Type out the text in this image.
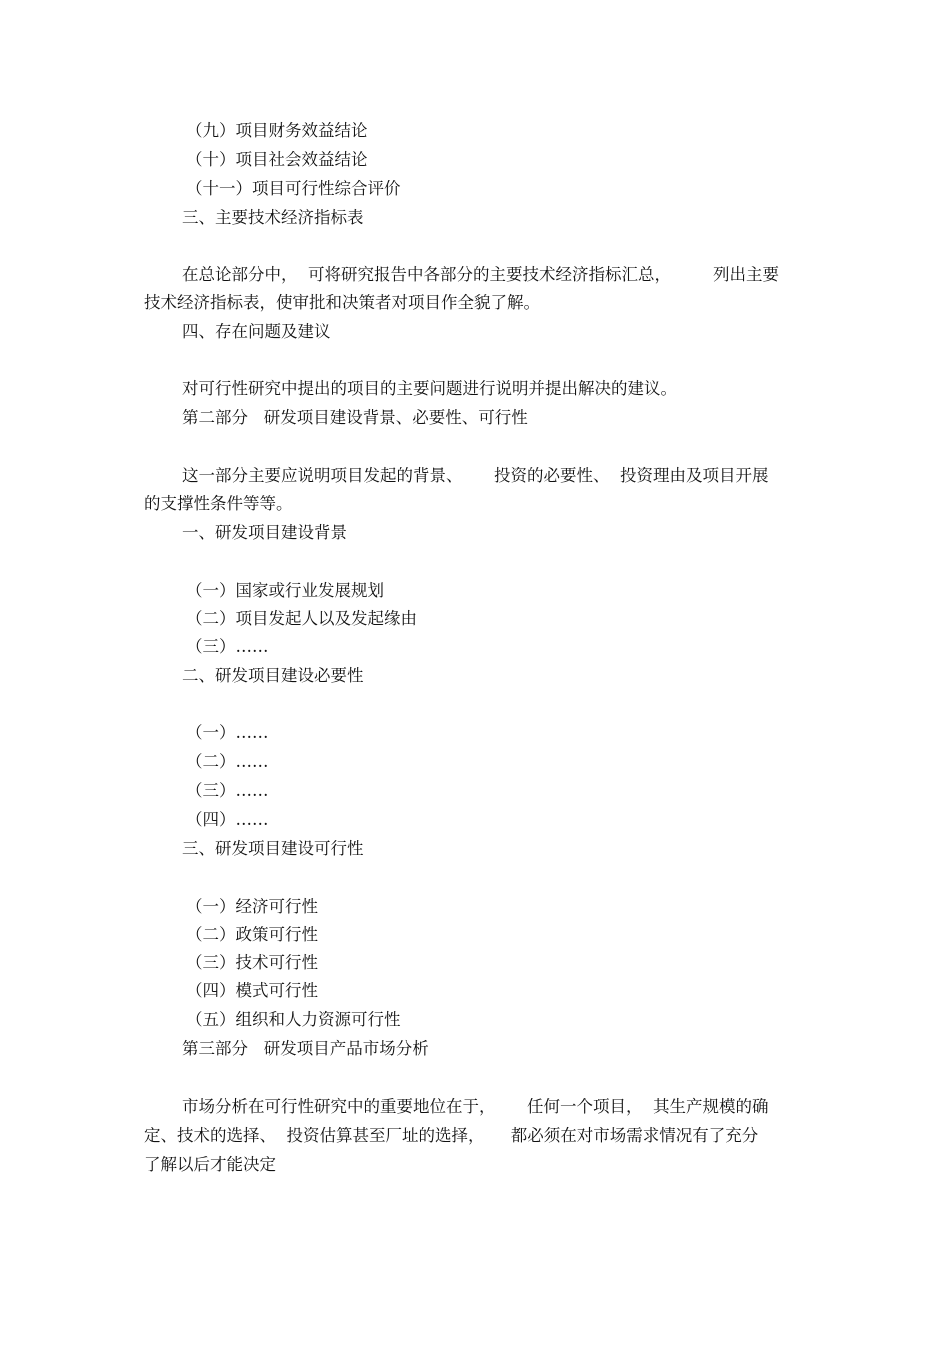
（九）项目财务效益结论

（十）项目社会效益结论

（十一）项目可行性综合评价

三、主要技术经济指标表

在总论部分中，  可将研究报告中各部分的主要技术经济指标汇总，        列出主要

技术经济指标表，使审批和决策者对项目作全貌了解。

四、存在问题及建议

对可行性研究中提出的项目的主要问题进行说明并提出解决的建议。

第二部分   研发项目建设背景、必要性、可行性

这一部分主要应说明项目发起的背景、      投资的必要性、  投资理由及项目开展

的支撑性条件等等。

一、研发项目建设背景

（一）国家或行业发展规划

（二）项目发起人以及发起缘由

（三）……

二、研发项目建设必要性

（一）……

（二）……

（三）……

（四）……

三、研发项目建设可行性

（一）经济可行性

（二）政策可行性

（三）技术可行性

（四）模式可行性

（五）组织和人力资源可行性

第三部分   研发项目产品市场分析

市场分析在可行性研究中的重要地位在于，      任何一个项目，  其生产规模的确

定、技术的选择、  投资估算甚至厂址的选择，     都必须在对市场需求情况有了充分

了解以后才能决定
